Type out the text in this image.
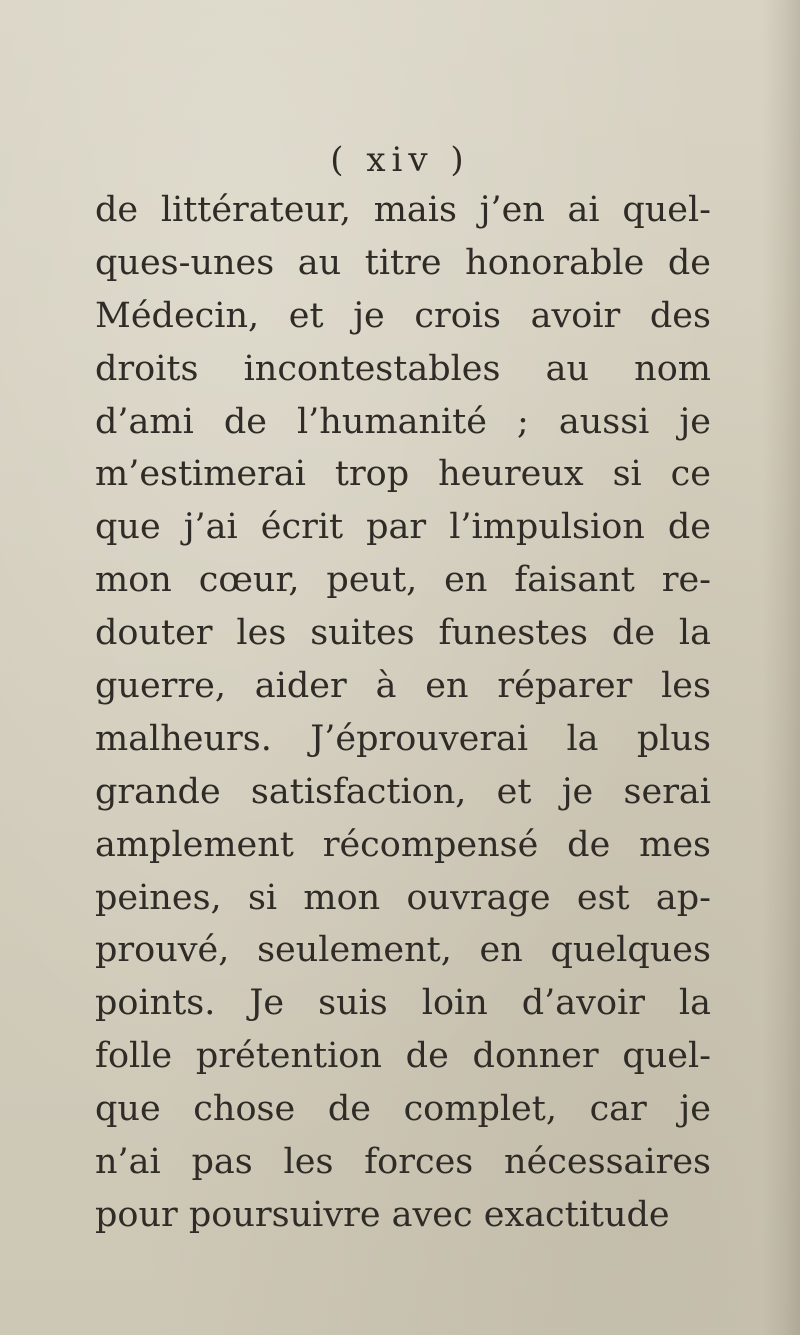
( xiv )

de littérateur, mais j’en ai quel-
ques-unes au titre honorable de
Médecin, et je crois avoir des
droits incontestables au nom
d’ami de l’humanité ; aussi je
m’estimerai trop heureux si ce
que j’ai écrit par l’impulsion de
mon cœur, peut, en faisant re-
douter les suites funestes de la
guerre, aider à en réparer les
malheurs. J’éprouverai la plus
grande satisfaction, et je serai
amplement récompensé de mes
peines, si mon ouvrage est ap-
prouvé, seulement, en quelques
points. Je suis loin d’avoir la
folle prétention de donner quel-
que chose de complet, car je
n’ai pas les forces nécessaires
pour poursuivre avec exactitude
